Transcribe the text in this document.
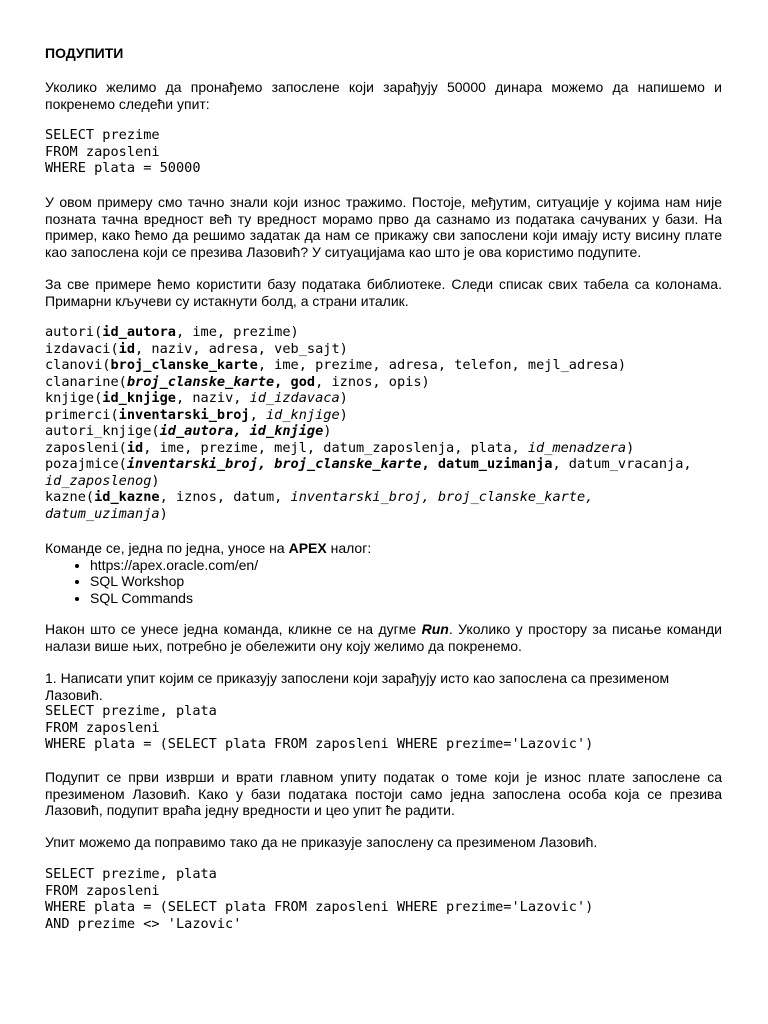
ПОДУПИТИ

Уколико желимо да пронађемо запослене који зарађују 50000 динара можемо да напишемо и покренемо следећи упит:

SELECT prezime
FROM zaposleni
WHERE plata = 50000

У овом примеру смо тачно знали који износ тражимо. Постоје, међутим, ситуације у којима нам није позната тачна вредност већ ту вредност морамо прво да сазнамо из података сачуваних у бази. На пример, како ћемо да решимо задатак да нам се прикажу сви запослени који имају исту висину плате као запослена који се презива Лазовић? У ситуацијама као што је ова користимо подупите.

За све примере ћемо користити базу података библиотеке. Следи списак свих табела са колонама. Примарни кључеви су истакнути болд, а страни италик.

autori(id_autora, ime, prezime)
izdavaci(id, naziv, adresa, veb_sajt)
clanovi(broj_clanske_karte, ime, prezime, adresa, telefon, mejl_adresa)
clanarine(broj_clanske_karte, god, iznos, opis)
knjige(id_knjige, naziv, id_izdavaca)
primerci(inventarski_broj, id_knjige)
autori_knjige(id_autora, id_knjige)
zaposleni(id, ime, prezime, mejl, datum_zaposlenja, plata, id_menadzera)
pozajmice(inventarski_broj, broj_clanske_karte, datum_uzimanja, datum_vracanja,
id_zaposlenog)
kazne(id_kazne, iznos, datum, inventarski_broj, broj_clanske_karte,
datum_uzimanja)

Команде се, једна по једна, уносе на APEX налог:

• https://apex.oracle.com/en/
• SQL Workshop
• SQL Commands

Након што се унесе једна команда, кликне се на дугме Run. Уколико у простору за писање команди налази више њих, потребно је обележити ону коју желимо да покренемо.

1. Написати упит којим се приказују запослени који зарађују исто као запослена са презименом Лазовић.

SELECT prezime, plata
FROM zaposleni
WHERE plata = (SELECT plata FROM zaposleni WHERE prezime='Lazovic')

Подупит се први изврши и врати главном упиту податак о томе који је износ плате запослене са презименом Лазовић. Како у бази података постоји само једна запослена особа која се презива Лазовић, подупит враћа једну вредности и цео упит ће радити.

Упит можемо да поправимо тако да не приказује запослену са презименом Лазовић.

SELECT prezime, plata
FROM zaposleni
WHERE plata = (SELECT plata FROM zaposleni WHERE prezime='Lazovic')
AND prezime <> 'Lazovic'
